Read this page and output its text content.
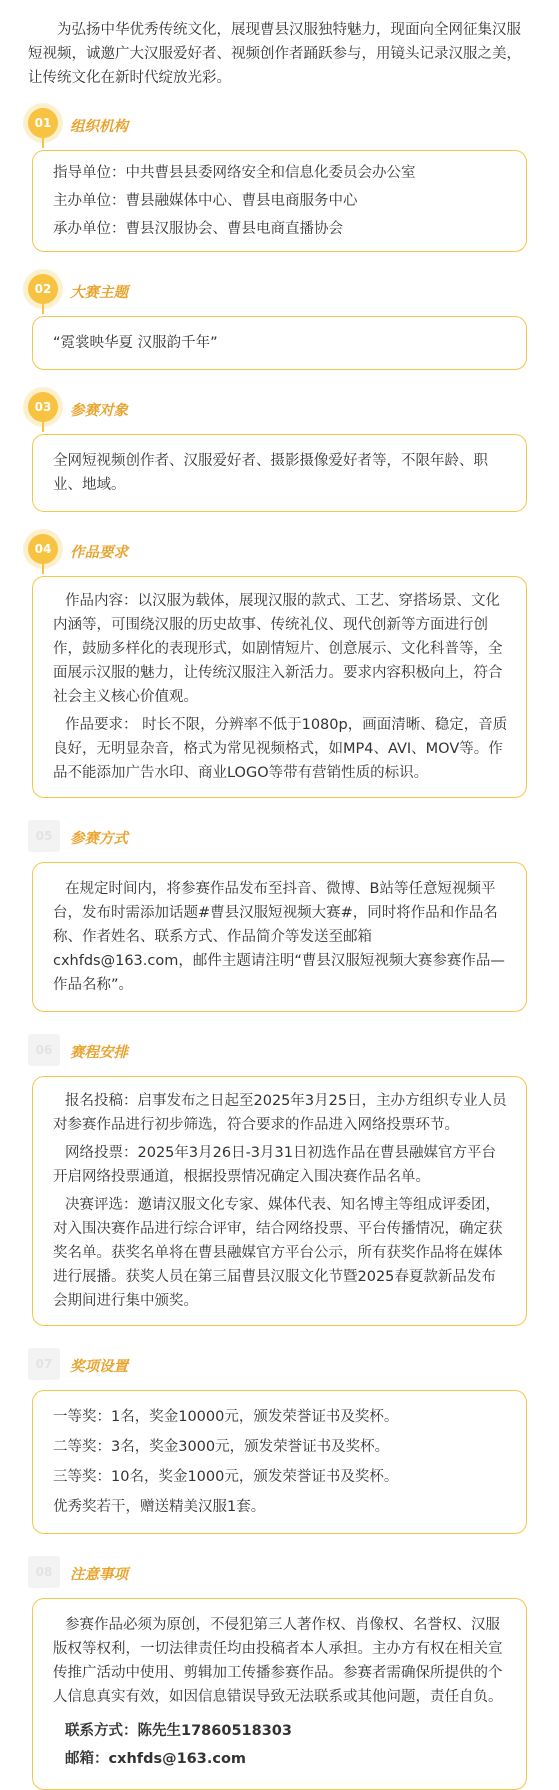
为弘扬中华优秀传统文化，展现曹县汉服独特魅力，现面向全网征集汉服短视频，诚邀广大汉服爱好者、视频创作者踊跃参与，用镜头记录汉服之美，让传统文化在新时代绽放光彩。

01	组织机构

指导单位：中共曹县县委网络安全和信息化委员会办公室

主办单位：曹县融媒体中心、曹县电商服务中心

承办单位：曹县汉服协会、曹县电商直播协会

02	大赛主题

“霓裳映华夏 汉服韵千年”

03	参赛对象

全网短视频创作者、汉服爱好者、摄影摄像爱好者等，不限年龄、职业、地域。

04	作品要求

作品内容：以汉服为载体，展现汉服的款式、工艺、穿搭场景、文化内涵等，可围绕汉服的历史故事、传统礼仪、现代创新等方面进行创作，鼓励多样化的表现形式，如剧情短片、创意展示、文化科普等，全面展示汉服的魅力，让传统汉服注入新活力。要求内容积极向上，符合社会主义核心价值观。

作品要求： 时长不限，分辨率不低于1080p，画面清晰、稳定，音质良好，无明显杂音，格式为常见视频格式，如MP4、AVI、MOV等。作品不能添加广告水印、商业LOGO等带有营销性质的标识。

05	参赛方式

在规定时间内，将参赛作品发布至抖音、微博、B站等任意短视频平台，发布时需添加话题#曹县汉服短视频大赛#，同时将作品和作品名称、作者姓名、联系方式、作品简介等发送至邮箱cxhfds@163.com，邮件主题请注明“曹县汉服短视频大赛参赛作品—作品名称”。

06	赛程安排

报名投稿：启事发布之日起至2025年3月25日，主办方组织专业人员对参赛作品进行初步筛选，符合要求的作品进入网络投票环节。

网络投票：2025年3月26日-3月31日初选作品在曹县融媒官方平台开启网络投票通道，根据投票情况确定入围决赛作品名单。

决赛评选：邀请汉服文化专家、媒体代表、知名博主等组成评委团，对入围决赛作品进行综合评审，结合网络投票、平台传播情况，确定获奖名单。获奖名单将在曹县融媒官方平台公示，所有获奖作品将在媒体进行展播。获奖人员在第三届曹县汉服文化节暨2025春夏款新品发布会期间进行集中颁奖。

07	奖项设置

一等奖：1名，奖金10000元，颁发荣誉证书及奖杯。

二等奖：3名，奖金3000元，颁发荣誉证书及奖杯。

三等奖：10名，奖金1000元，颁发荣誉证书及奖杯。

优秀奖若干，赠送精美汉服1套。

08	注意事项

参赛作品必须为原创，不侵犯第三人著作权、肖像权、名誉权、汉服版权等权利，一切法律责任均由投稿者本人承担。主办方有权在相关宣传推广活动中使用、剪辑加工传播参赛作品。参赛者需确保所提供的个人信息真实有效，如因信息错误导致无法联系或其他问题，责任自负。

联系方式：陈先生17860518303

邮箱：cxhfds@163.com
